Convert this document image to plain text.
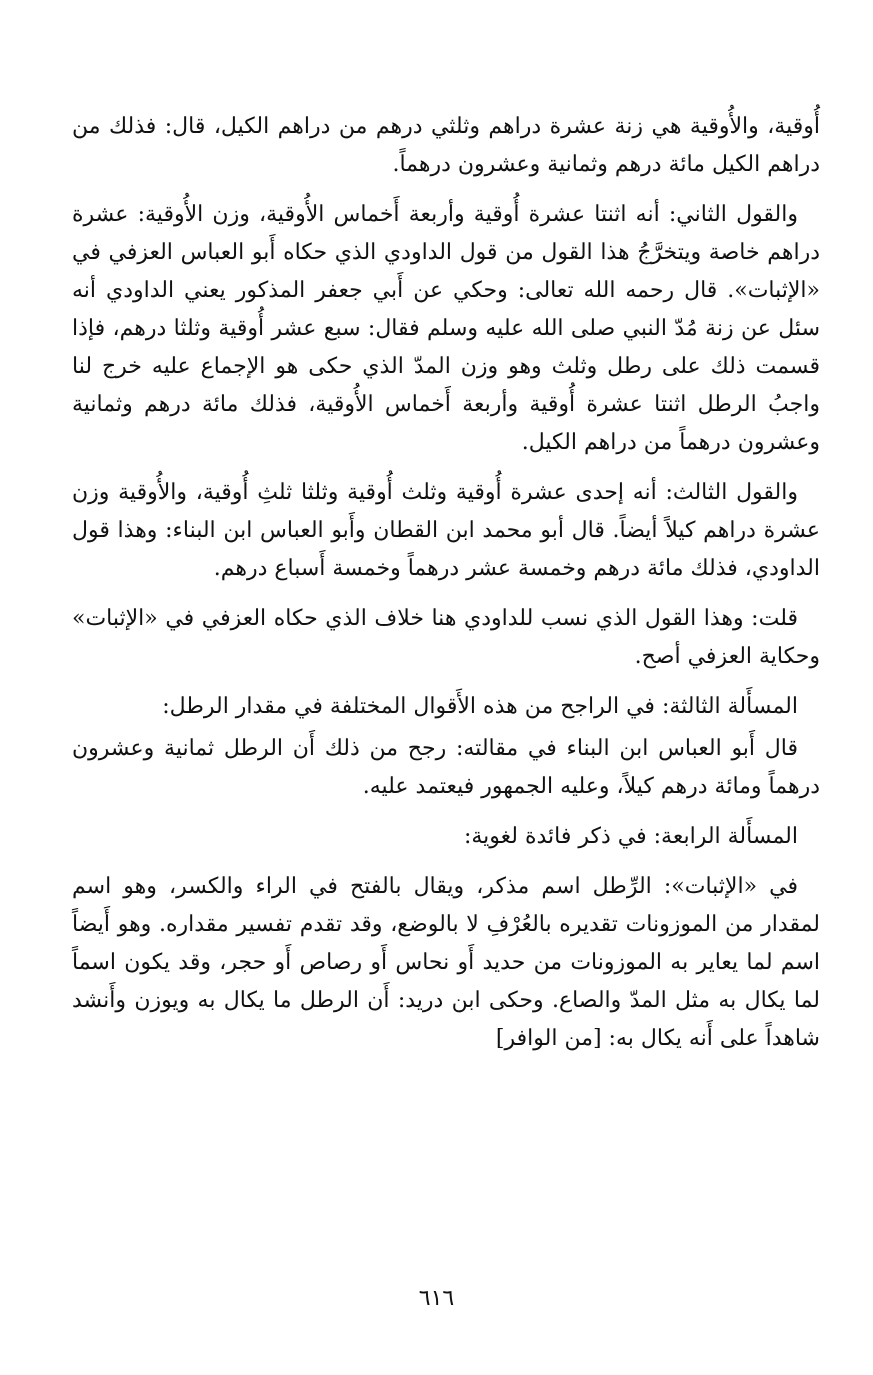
أُوقية، والأُوقية هي زنة عشرة دراهم وثلثي درهم من دراهم الكيل، قال: فذلك من دراهم الكيل مائة درهم وثمانية وعشرون درهماً.

والقول الثاني: أنه اثنتا عشرة أُوقية وأربعة أَخماس الأُوقية، وزن الأُوقية: عشرة دراهم خاصة ويتخرَّجُ هذا القول من قول الداودي الذي حكاه أَبو العباس العزفي في «الإثبات». قال رحمه الله تعالى: وحكي عن أَبي جعفر المذكور يعني الداودي أنه سئل عن زنة مُدّ النبي صلى الله عليه وسلم فقال: سبع عشر أُوقية وثلثا درهم، فإذا قسمت ذلك على رطل وثلث وهو وزن المدّ الذي حكى هو الإجماع عليه خرج لنا واجبُ الرطل اثنتا عشرة أُوقية وأربعة أَخماس الأُوقية، فذلك مائة درهم وثمانية وعشرون درهماً من دراهم الكيل.

والقول الثالث: أنه إحدى عشرة أُوقية وثلث أُوقية وثلثا ثلثِ أُوقية، والأُوقية وزن عشرة دراهم كيلاً أيضاً. قال أبو محمد ابن القطان وأَبو العباس ابن البناء: وهذا قول الداودي، فذلك مائة درهم وخمسة عشر درهماً وخمسة أَسباع درهم.

قلت: وهذا القول الذي نسب للداودي هنا خلاف الذي حكاه العزفي في «الإثبات» وحكاية العزفي أصح.

المسأَلة الثالثة: في الراجح من هذه الأَقوال المختلفة في مقدار الرطل:

قال أَبو العباس ابن البناء في مقالته: رجح من ذلك أَن الرطل ثمانية وعشرون درهماً ومائة درهم كيلاً، وعليه الجمهور فيعتمد عليه.

المسأَلة الرابعة: في ذكر فائدة لغوية:

في «الإثبات»: الرِّطل اسم مذكر، ويقال بالفتح في الراء والكسر، وهو اسم لمقدار من الموزونات تقديره بالعُرْفِ لا بالوضع، وقد تقدم تفسير مقداره. وهو أَيضاً اسم لما يعاير به الموزونات من حديد أَو نحاس أَو رصاص أَو حجر، وقد يكون اسماً لما يكال به مثل المدّ والصاع. وحكى ابن دريد: أَن الرطل ما يكال به ويوزن وأَنشد شاهداً على أَنه يكال به: [من الوافر]

٦١٦
